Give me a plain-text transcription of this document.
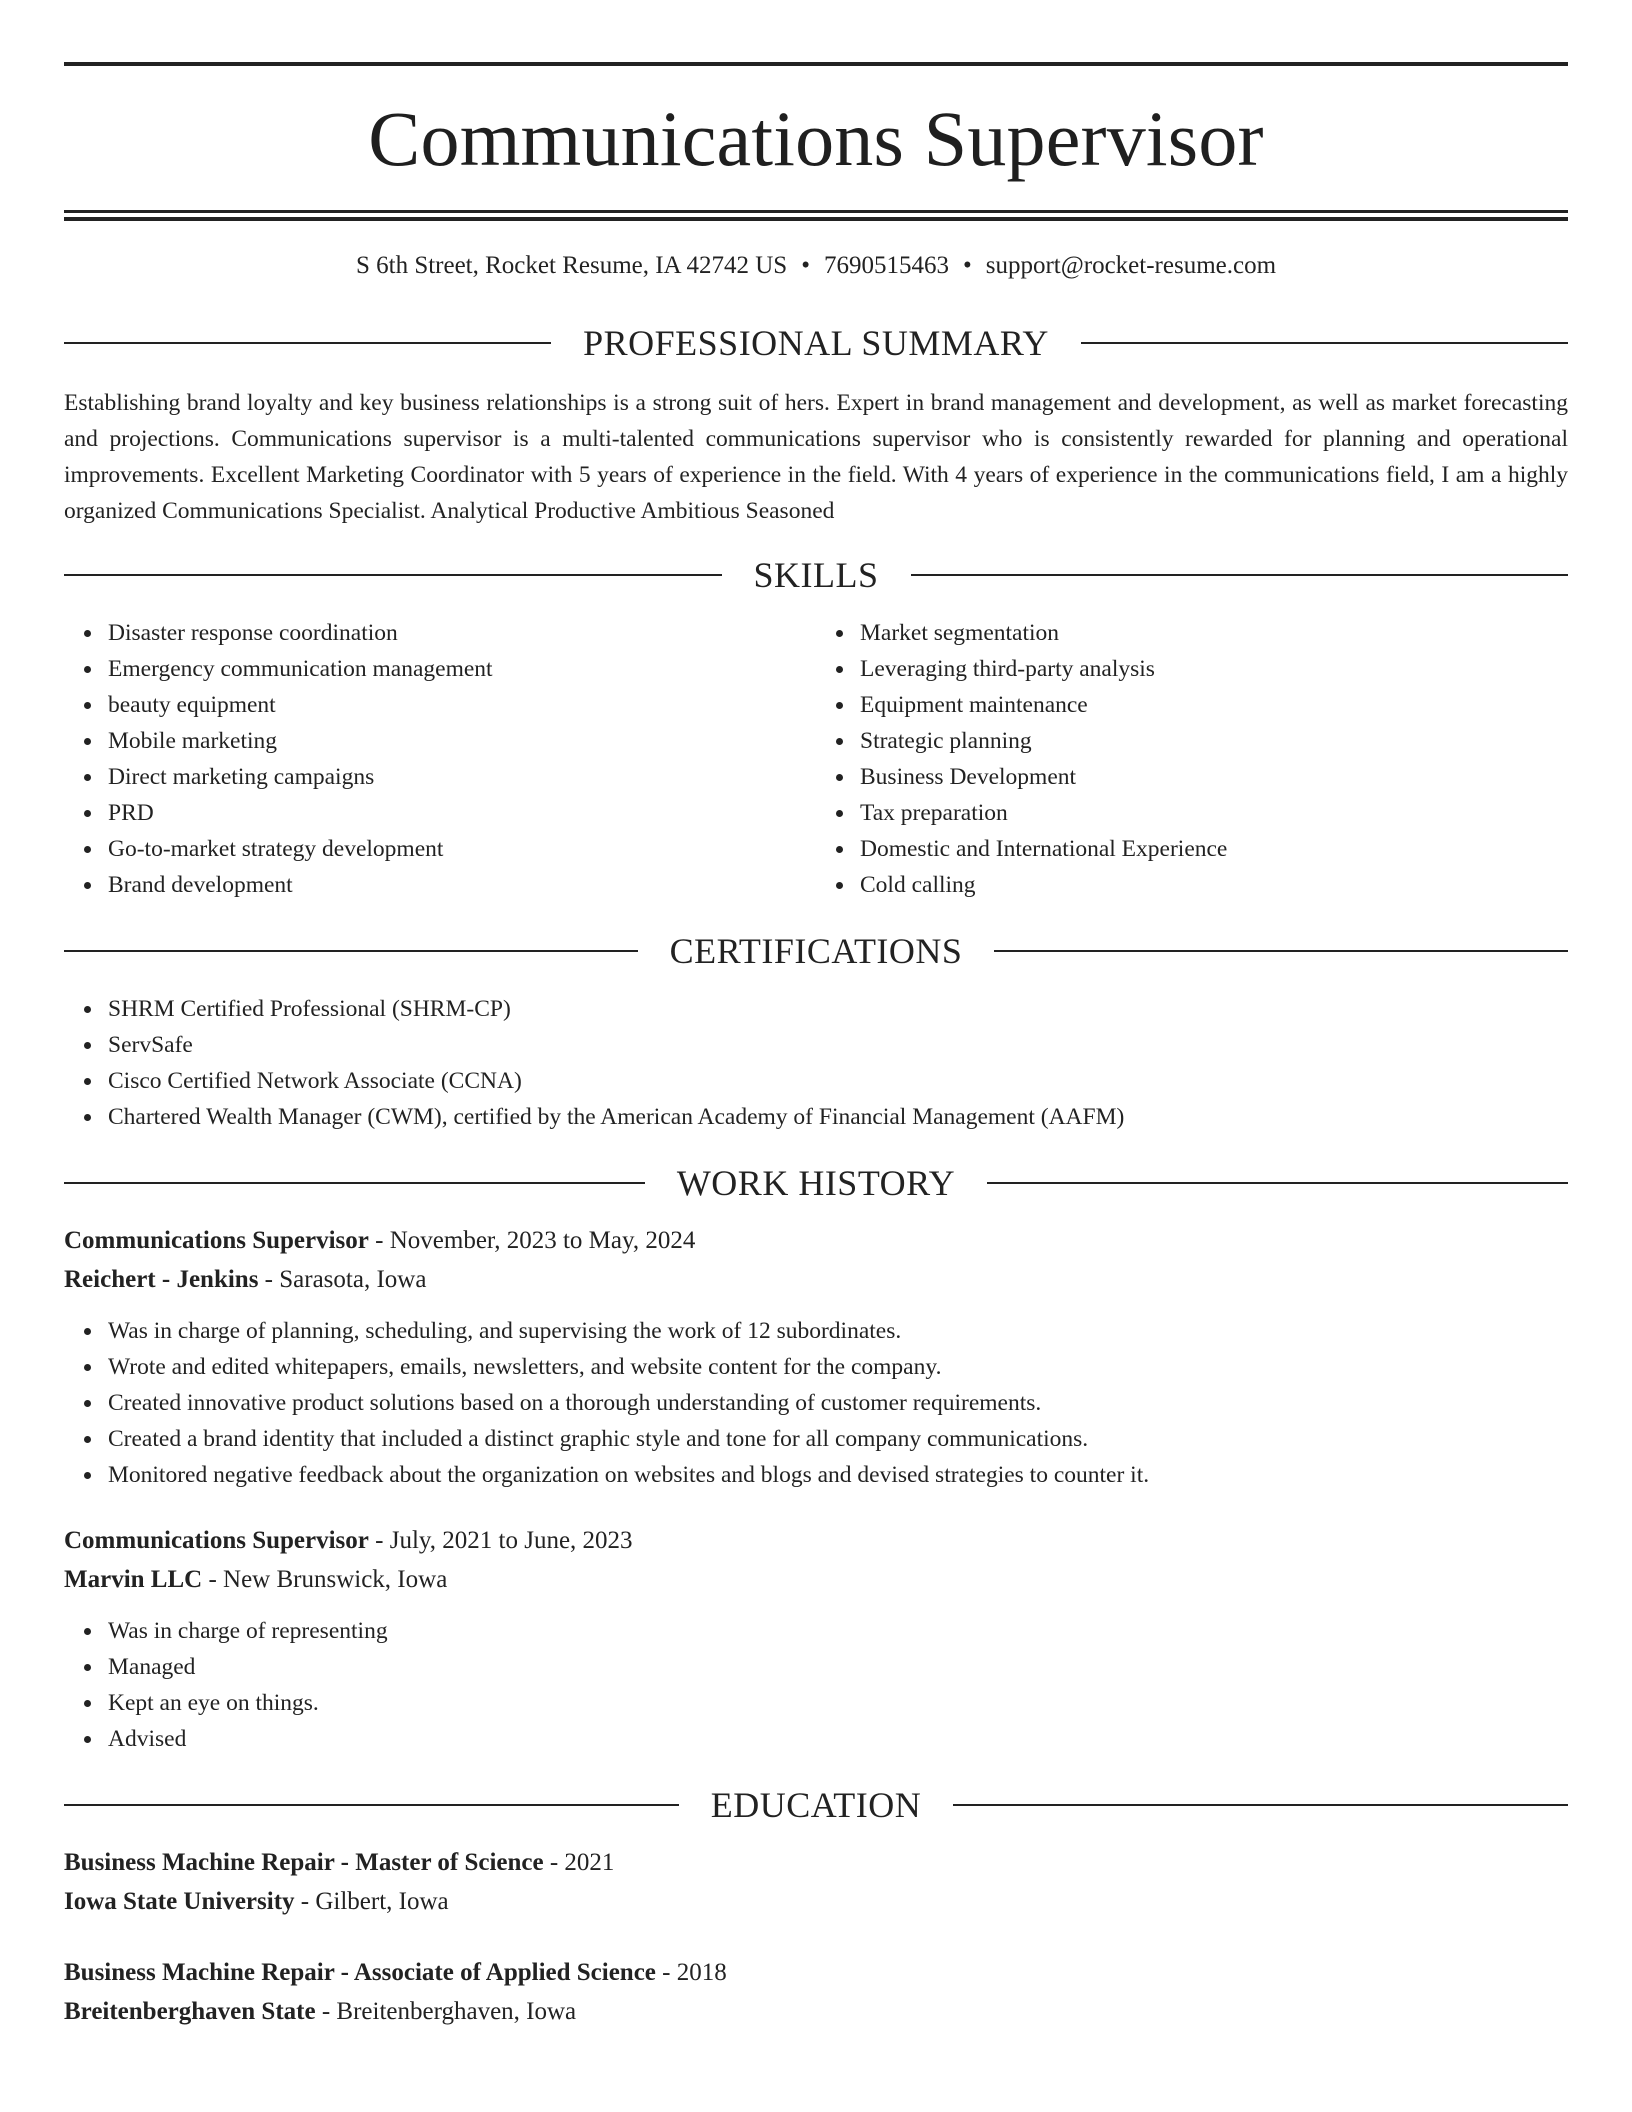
Communications Supervisor
S 6th Street, Rocket Resume, IA 42742 US • 7690515463 • support@rocket-resume.com
PROFESSIONAL SUMMARY
Establishing brand loyalty and key business relationships is a strong suit of hers. Expert in brand management and development, as well as market forecasting and projections. Communications supervisor is a multi-talented communications supervisor who is consistently rewarded for planning and operational improvements. Excellent Marketing Coordinator with 5 years of experience in the field. With 4 years of experience in the communications field, I am a highly organized Communications Specialist. Analytical Productive Ambitious Seasoned
SKILLS
Disaster response coordination
Emergency communication management
beauty equipment
Mobile marketing
Direct marketing campaigns
PRD
Go-to-market strategy development
Brand development
Market segmentation
Leveraging third-party analysis
Equipment maintenance
Strategic planning
Business Development
Tax preparation
Domestic and International Experience
Cold calling
CERTIFICATIONS
SHRM Certified Professional (SHRM-CP)
ServSafe
Cisco Certified Network Associate (CCNA)
Chartered Wealth Manager (CWM), certified by the American Academy of Financial Management (AAFM)
WORK HISTORY
Communications Supervisor - November, 2023 to May, 2024
Reichert - Jenkins - Sarasota, Iowa
Was in charge of planning, scheduling, and supervising the work of 12 subordinates.
Wrote and edited whitepapers, emails, newsletters, and website content for the company.
Created innovative product solutions based on a thorough understanding of customer requirements.
Created a brand identity that included a distinct graphic style and tone for all company communications.
Monitored negative feedback about the organization on websites and blogs and devised strategies to counter it.
Communications Supervisor - July, 2021 to June, 2023
Marvin LLC - New Brunswick, Iowa
Was in charge of representing
Managed
Kept an eye on things.
Advised
EDUCATION
Business Machine Repair - Master of Science - 2021
Iowa State University - Gilbert, Iowa
Business Machine Repair - Associate of Applied Science - 2018
Breitenberghaven State - Breitenberghaven, Iowa
